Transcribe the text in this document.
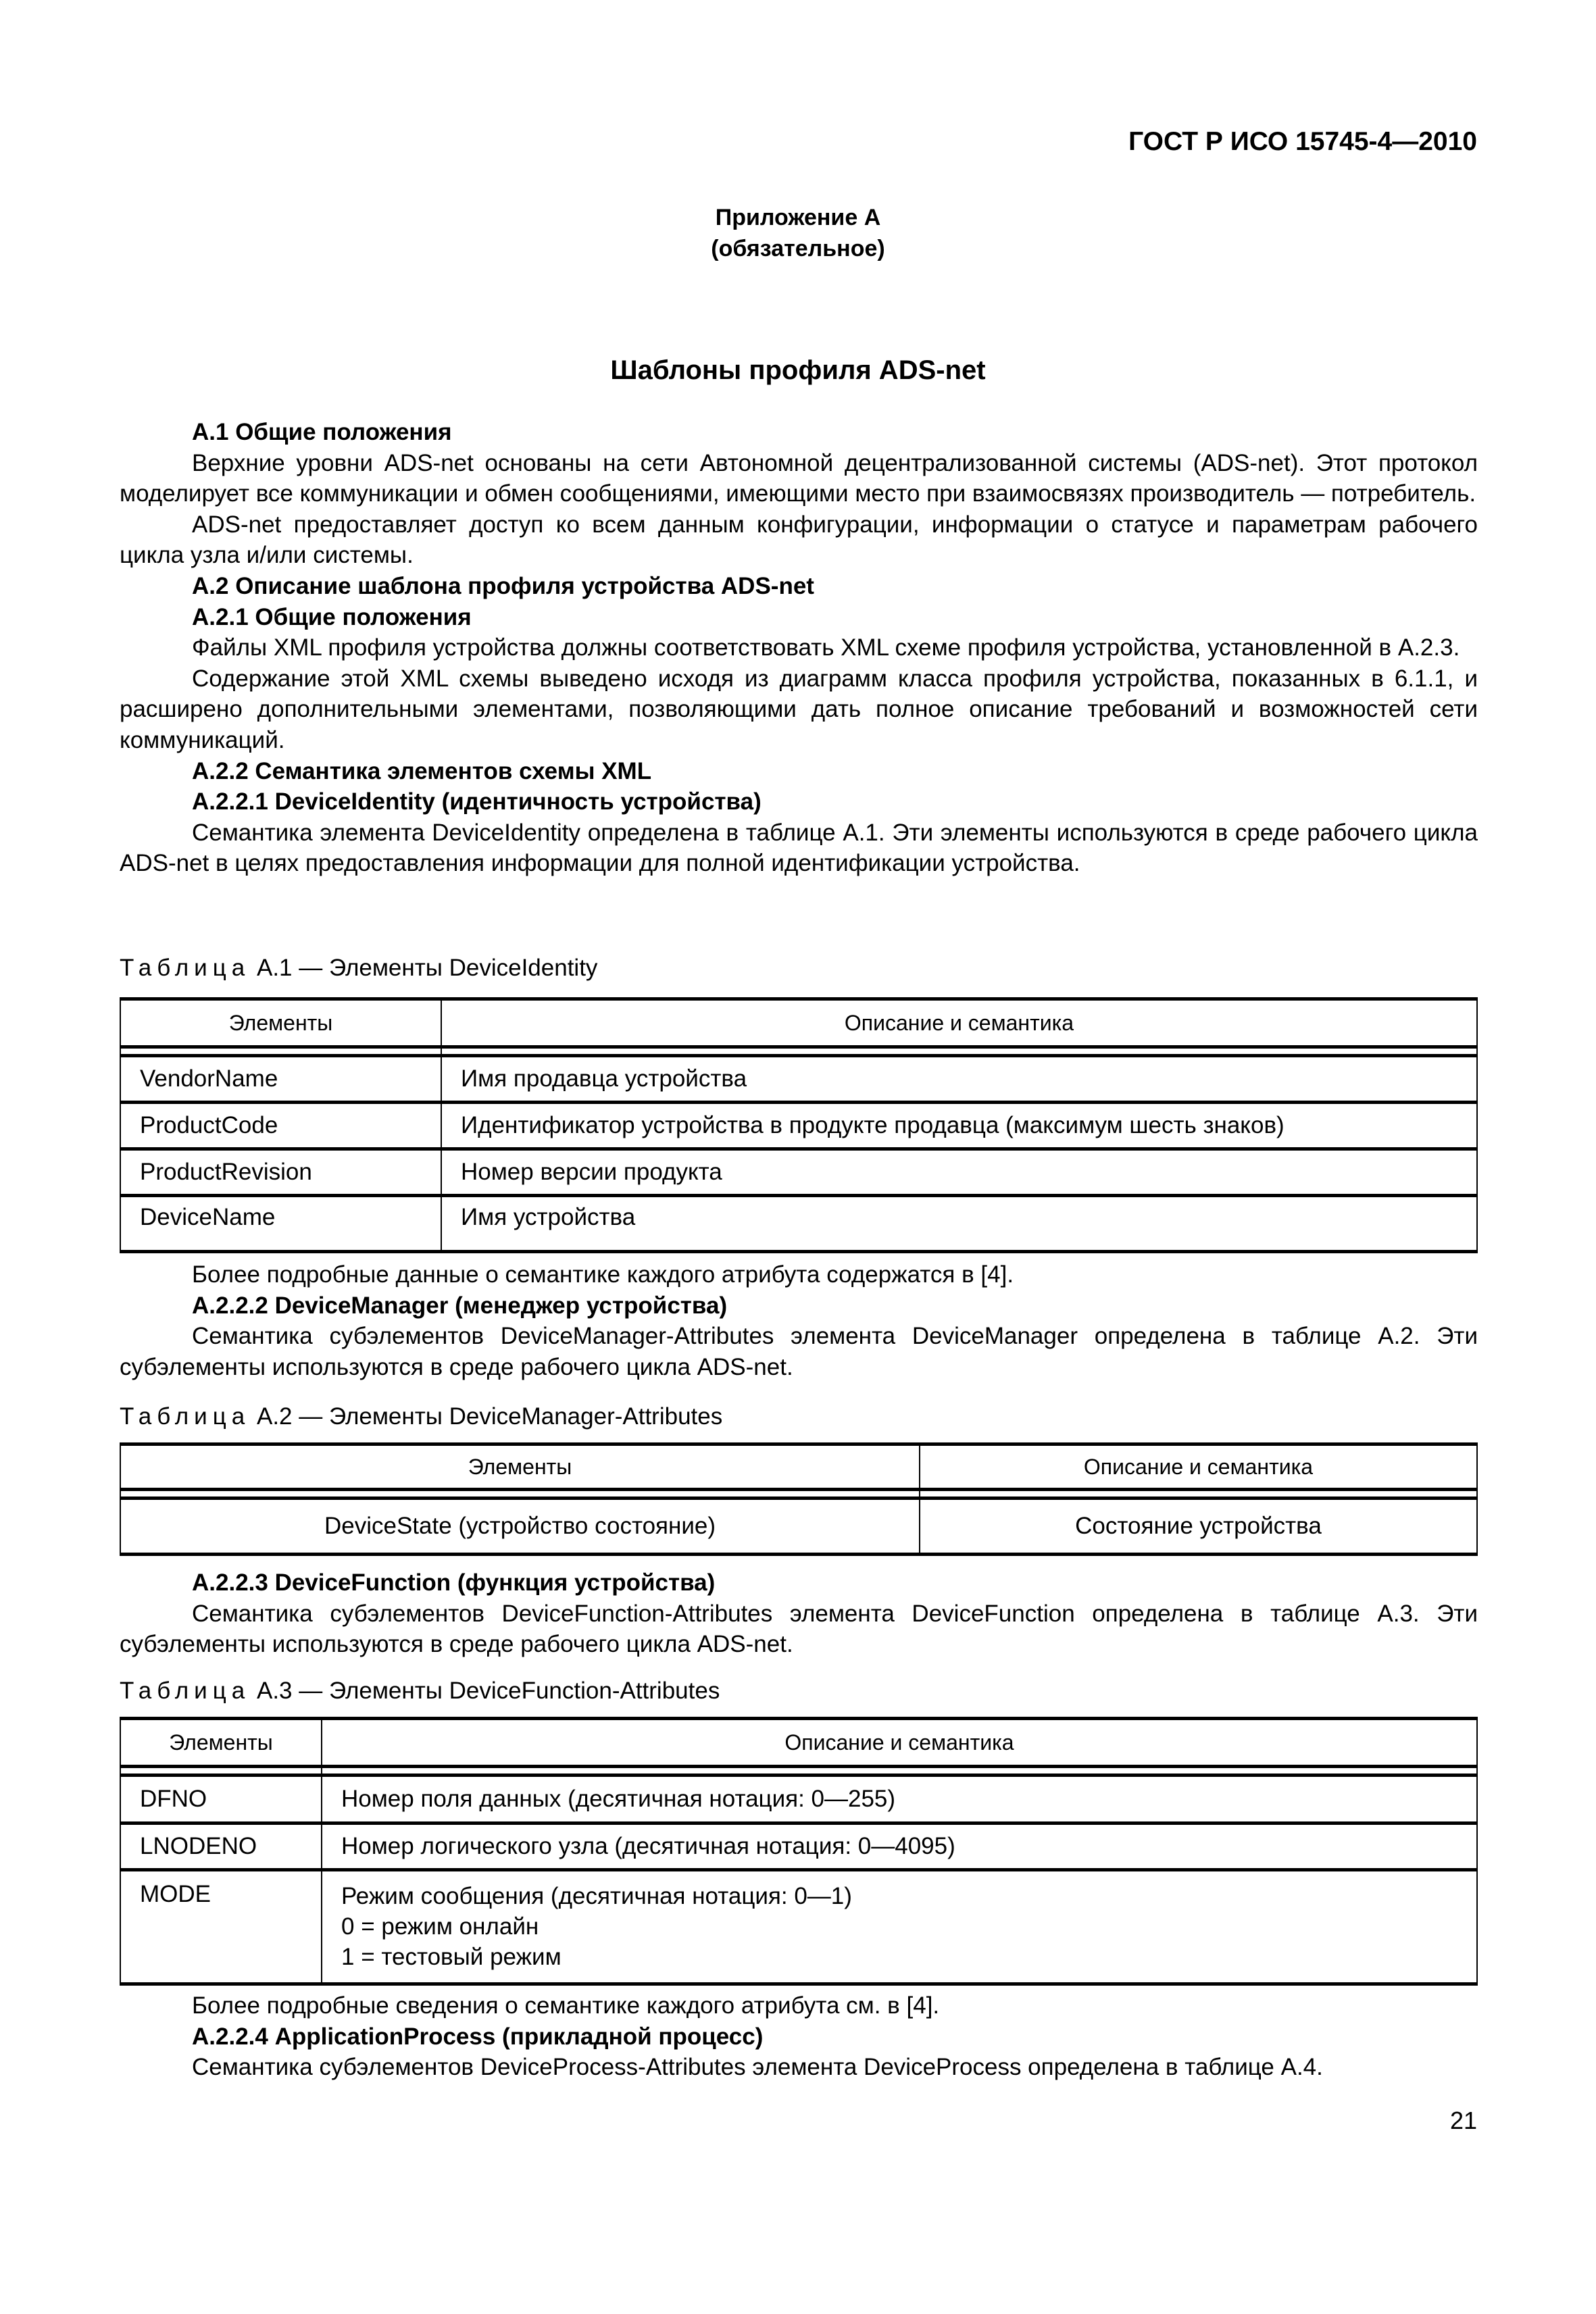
ГОСТ Р ИСО 15745-4—2010
Приложение А
(обязательное)
Шаблоны профиля ADS-net

А.1 Общие положения

Верхние уровни ADS-net основаны на сети Автономной децентрализованной системы (ADS-net). Этот протокол моделирует все коммуникации и обмен сообщениями, имеющими место при взаимосвязях производитель — потребитель.

ADS-net предоставляет доступ ко всем данным конфигурации, информации о статусе и параметрам рабочего цикла узла и/или системы.

А.2 Описание шаблона профиля устройства ADS-net

А.2.1 Общие положения

Файлы XML профиля устройства должны соответствовать XML схеме профиля устройства, установленной в А.2.3.

Содержание этой XML схемы выведено исходя из диаграмм класса профиля устройства, показанных в 6.1.1, и расширено дополнительными элементами, позволяющими дать полное описание требований и возможностей сети коммуникаций.

А.2.2 Семантика элементов схемы XML

А.2.2.1 DeviceIdentity (идентичность устройства)

Семантика элемента DeviceIdentity определена в таблице А.1. Эти элементы используются в среде рабочего цикла ADS-net в целях предоставления информации для полной идентификации устройства.

Таблица А.1 — Элементы DeviceIdentity

Элементы	Описание и семантика

VendorName	Имя продавца устройства
ProductCode	Идентификатор устройства в продукте продавца (максимум шесть знаков)
ProductRevision	Номер версии продукта
DeviceName	Имя устройства

Более подробные данные о семантике каждого атрибута содержатся в [4].

А.2.2.2 DeviceManager (менеджер устройства)

Семантика субэлементов DeviceManager-Attributes элемента DeviceManager определена в таблице А.2. Эти субэлементы используются в среде рабочего цикла ADS-net.

Таблица А.2 — Элементы DeviceManager-Attributes

Элементы	Описание и семантика

DeviceState (устройство состояние)	Состояние устройства

А.2.2.3 DeviceFunction (функция устройства)

Семантика субэлементов DeviceFunction-Attributes элемента DeviceFunction определена в таблице А.3. Эти субэлементы используются в среде рабочего цикла ADS-net.

Таблица А.3 — Элементы DeviceFunction-Attributes

Элементы	Описание и семантика

DFNO	Номер поля данных (десятичная нотация: 0—255)
LNODENO	Номер логического узла (десятичная нотация: 0—4095)
MODE	Режим сообщения (десятичная нотация: 0—1)
0 = режим онлайн
1 = тестовый режим

Более подробные сведения о семантике каждого атрибута см. в [4].

А.2.2.4 ApplicationProcess (прикладной процесс)

Семантика субэлементов DeviceProcess-Attributes элемента DeviceProcess определена в таблице А.4.

21
